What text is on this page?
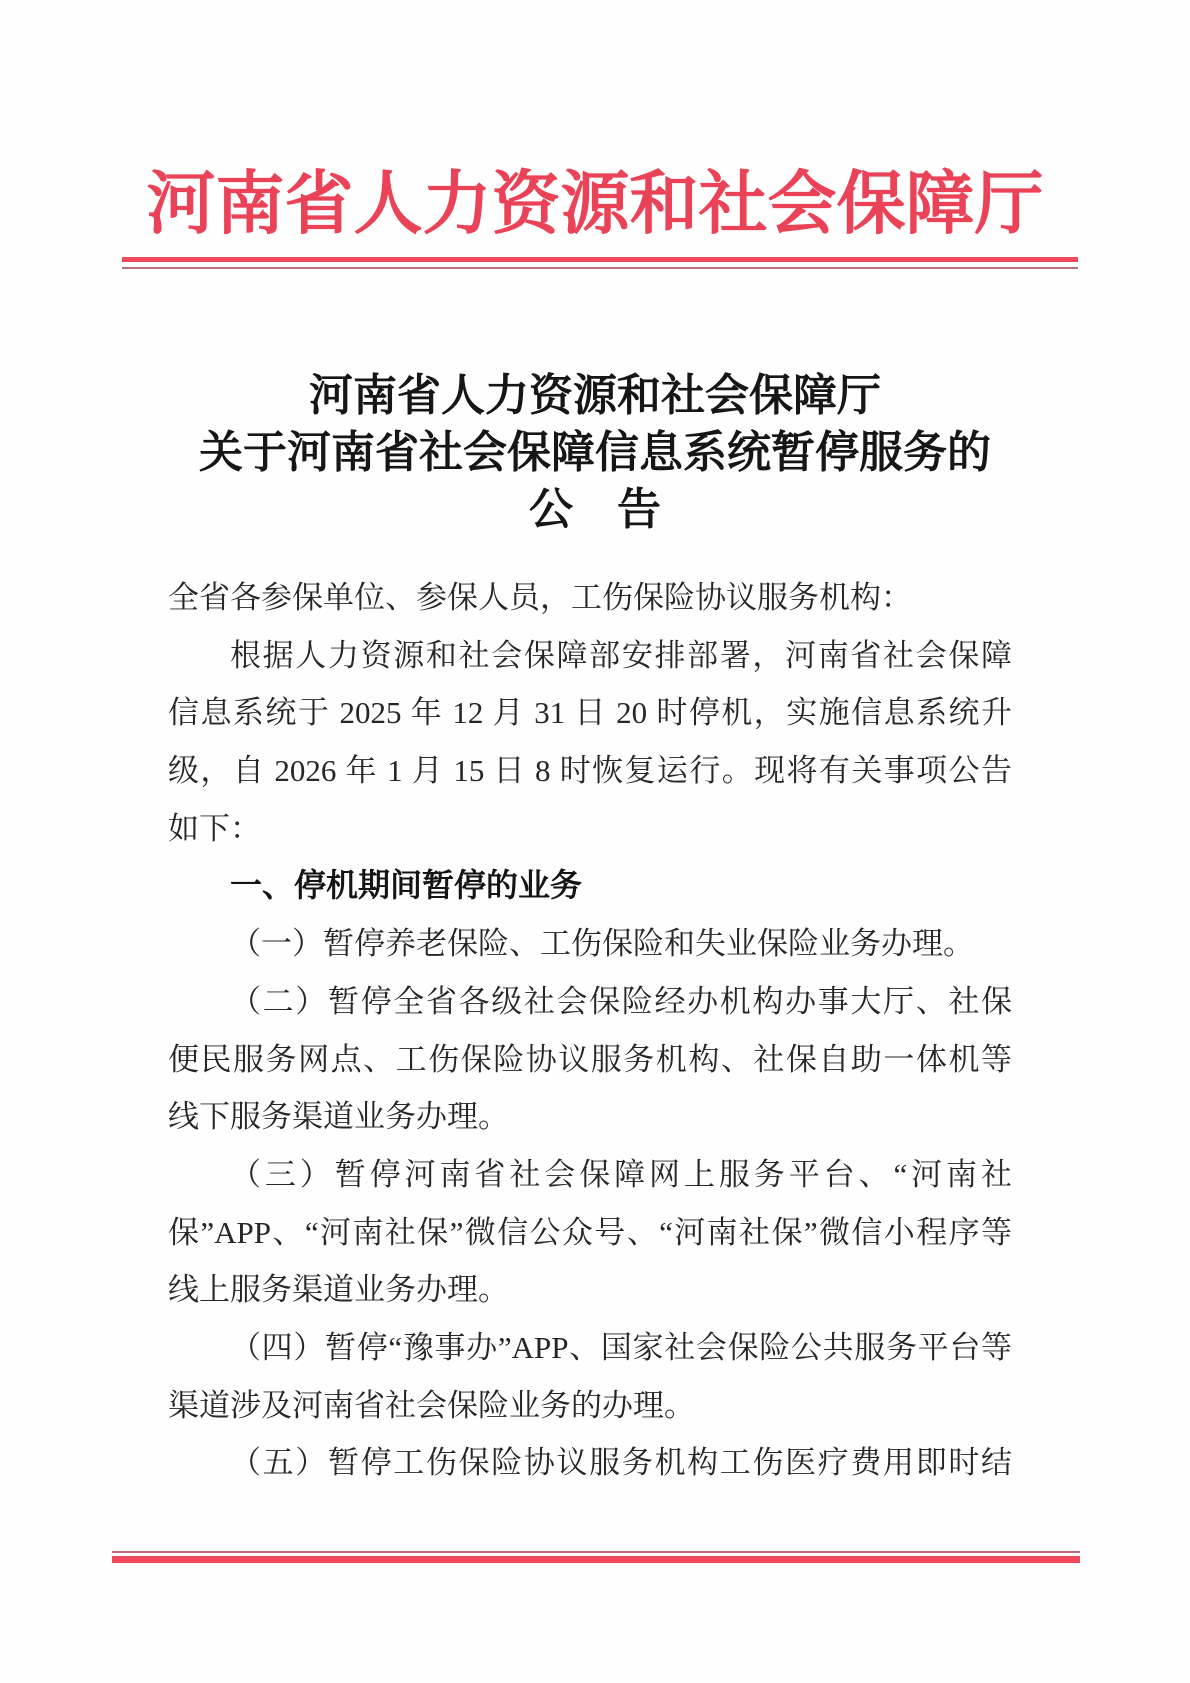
河南省人力资源和社会保障厅
河南省人力资源和社会保障厅
关于河南省社会保障信息系统暂停服务的
公　告
全省各参保单位、参保人员，工伤保险协议服务机构：
根据人力资源和社会保障部安排部署，河南省社会保障
信息系统于 2025 年 12 月 31 日 20 时停机，实施信息系统升
级，自 2026 年 1 月 15 日 8 时恢复运行。现将有关事项公告
如下：
一、停机期间暂停的业务
（一）暂停养老保险、工伤保险和失业保险业务办理。
（二）暂停全省各级社会保险经办机构办事大厅、社保
便民服务网点、工伤保险协议服务机构、社保自助一体机等
线下服务渠道业务办理。
（三）暂停河南省社会保障网上服务平台、“河南社
保”APP、“河南社保”微信公众号、“河南社保”微信小程序等
线上服务渠道业务办理。
（四）暂停“豫事办”APP、国家社会保险公共服务平台等
渠道涉及河南省社会保险业务的办理。
（五）暂停工伤保险协议服务机构工伤医疗费用即时结
